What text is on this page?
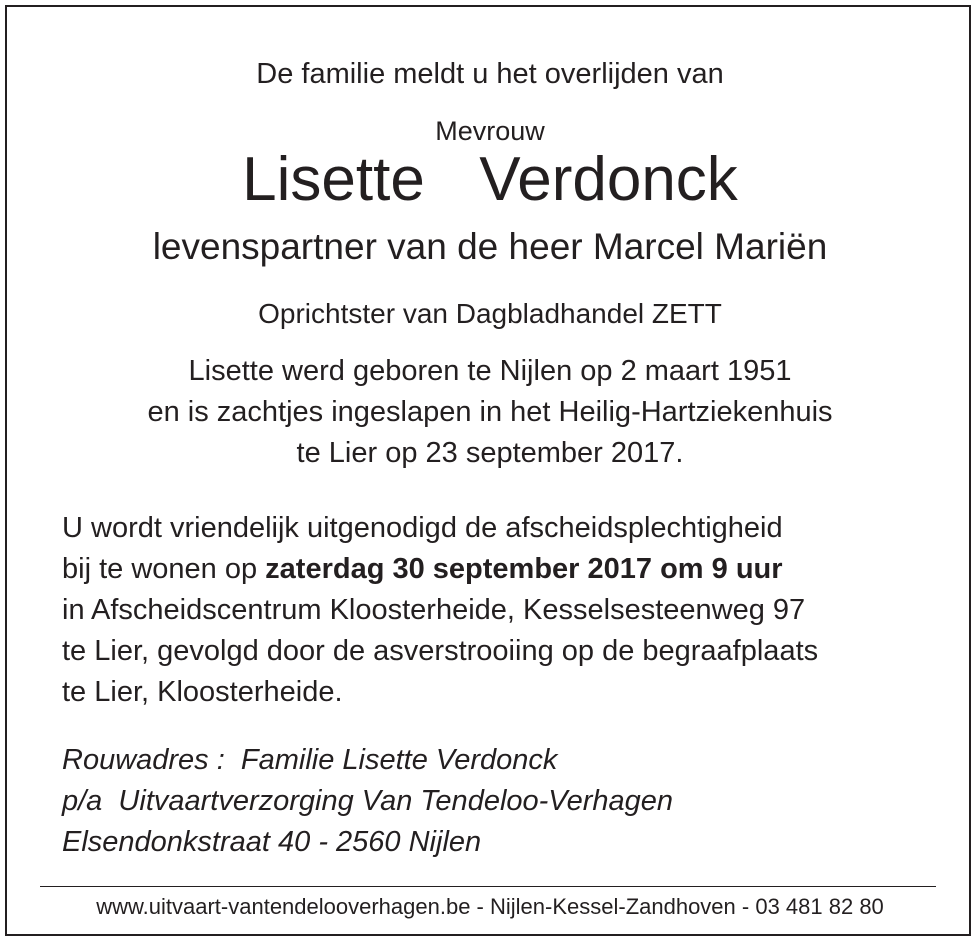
De familie meldt u het overlijden van
Mevrouw
Lisette  Verdonck
levenspartner van de heer Marcel Mariën
Oprichtster van Dagbladhandel ZETT
Lisette werd geboren te Nijlen op 2 maart 1951
en is zachtjes ingeslapen in het Heilig-Hartziekenhuis
te Lier op 23 september 2017.
U wordt vriendelijk uitgenodigd de afscheidsplechtigheid
bij te wonen op zaterdag 30 september 2017 om 9 uur
in Afscheidscentrum Kloosterheide, Kesselsesteenweg 97
te Lier, gevolgd door de asverstrooiing op de begraafplaats
te Lier, Kloosterheide.
Rouwadres :  Familie Lisette Verdonck
p/a  Uitvaartverzorging Van Tendeloo-Verhagen
Elsendonkstraat 40 - 2560 Nijlen
www.uitvaart-vantendelooverhagen.be - Nijlen-Kessel-Zandhoven - 03 481 82 80
